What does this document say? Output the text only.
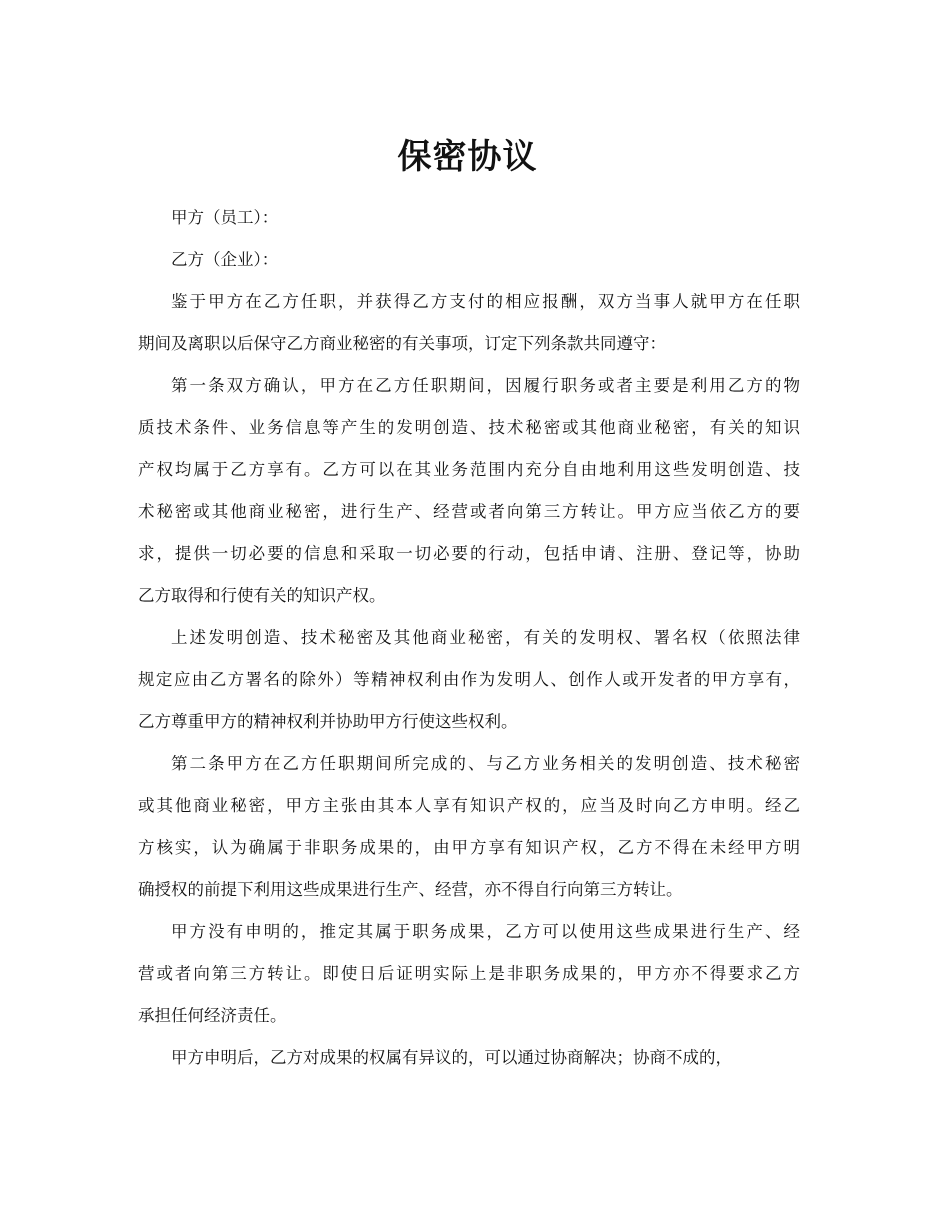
保密协议
甲方（员工）：
乙方（企业）：
鉴于甲方在乙方任职，并获得乙方支付的相应报酬，双方当事人就甲方在任职
期间及离职以后保守乙方商业秘密的有关事项，订定下列条款共同遵守：
第一条双方确认，甲方在乙方任职期间，因履行职务或者主要是利用乙方的物
质技术条件、业务信息等产生的发明创造、技术秘密或其他商业秘密，有关的知识
产权均属于乙方享有。乙方可以在其业务范围内充分自由地利用这些发明创造、技
术秘密或其他商业秘密，进行生产、经营或者向第三方转让。甲方应当依乙方的要
求，提供一切必要的信息和采取一切必要的行动，包括申请、注册、登记等，协助
乙方取得和行使有关的知识产权。
上述发明创造、技术秘密及其他商业秘密，有关的发明权、署名权（依照法律
规定应由乙方署名的除外）等精神权利由作为发明人、创作人或开发者的甲方享有，
乙方尊重甲方的精神权利并协助甲方行使这些权利。
第二条甲方在乙方任职期间所完成的、与乙方业务相关的发明创造、技术秘密
或其他商业秘密，甲方主张由其本人享有知识产权的，应当及时向乙方申明。经乙
方核实，认为确属于非职务成果的，由甲方享有知识产权，乙方不得在未经甲方明
确授权的前提下利用这些成果进行生产、经营，亦不得自行向第三方转让。
甲方没有申明的，推定其属于职务成果，乙方可以使用这些成果进行生产、经
营或者向第三方转让。即使日后证明实际上是非职务成果的，甲方亦不得要求乙方
承担任何经济责任。
甲方申明后，乙方对成果的权属有异议的，可以通过协商解决；协商不成的，
